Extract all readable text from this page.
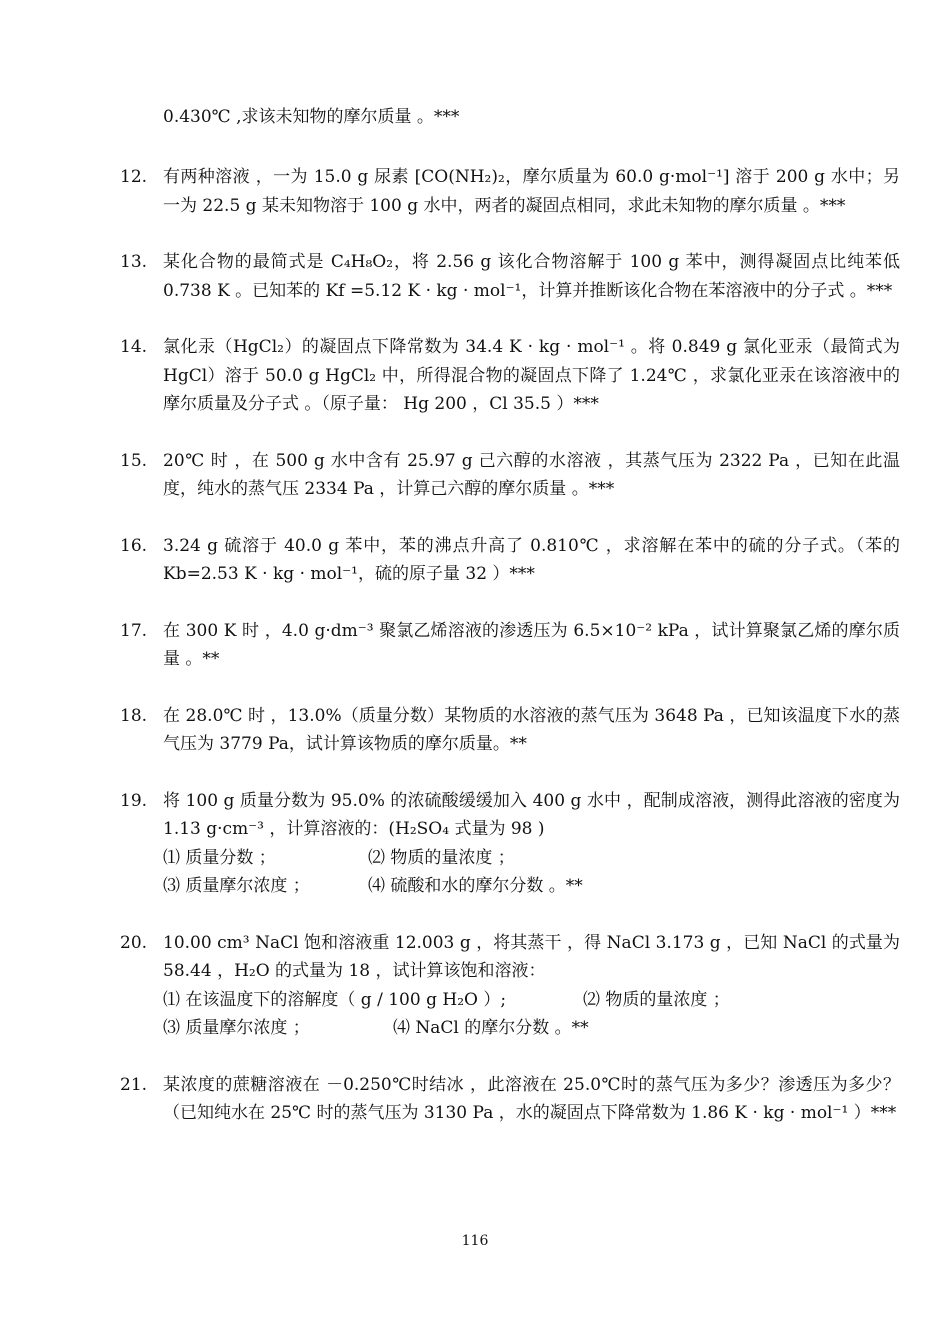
0.430℃ ,求该未知物的摩尔质量 。***
12. 有两种溶液 ，一为 15.0 g 尿素 [CO(NH₂)₂，摩尔质量为 60.0 g·mol⁻¹] 溶于 200 g 水中；另一为 22.5 g 某未知物溶于 100 g 水中，两者的凝固点相同，求此未知物的摩尔质量 。***
13. 某化合物的最简式是 C₄H₈O₂，将 2.56 g 该化合物溶解于 100 g 苯中，测得凝固点比纯苯低 0.738 K 。已知苯的 Kf =5.12 K · kg · mol⁻¹，计算并推断该化合物在苯溶液中的分子式 。***
14. 氯化汞（HgCl₂）的凝固点下降常数为 34.4 K · kg · mol⁻¹ 。将 0.849 g 氯化亚汞（最简式为 HgCl）溶于 50.0 g HgCl₂ 中，所得混合物的凝固点下降了 1.24℃ ，求氯化亚汞在该溶液中的摩尔质量及分子式 。（原子量： Hg 200 ，Cl 35.5 ）***
15. 20℃ 时 ，在 500 g 水中含有 25.97 g 己六醇的水溶液 ，其蒸气压为 2322 Pa ，已知在此温度，纯水的蒸气压 2334 Pa ，计算己六醇的摩尔质量 。***
16. 3.24 g 硫溶于 40.0 g 苯中，苯的沸点升高了 0.810℃ ，求溶解在苯中的硫的分子式。（苯的 Kb=2.53 K · kg · mol⁻¹，硫的原子量 32 ）***
17. 在 300 K 时 ，4.0 g·dm⁻³ 聚氯乙烯溶液的渗透压为 6.5×10⁻² kPa ，试计算聚氯乙烯的摩尔质量 。**
18. 在 28.0℃ 时 ，13.0%（质量分数）某物质的水溶液的蒸气压为 3648 Pa ，已知该温度下水的蒸气压为 3779 Pa，试计算该物质的摩尔质量。**
19. 将 100 g 质量分数为 95.0% 的浓硫酸缓缓加入 400 g 水中 ，配制成溶液，测得此溶液的密度为 1.13 g·cm⁻³ ，计算溶液的：(H₂SO₄ 式量为 98 )
⑴ 质量分数 ；	⑵ 物质的量浓度 ；
⑶ 质量摩尔浓度 ；	⑷ 硫酸和水的摩尔分数 。**
20. 10.00 cm³ NaCl 饱和溶液重 12.003 g ，将其蒸干 ，得 NaCl 3.173 g ，已知 NaCl 的式量为 58.44 ，H₂O 的式量为 18 ，试计算该饱和溶液：
⑴ 在该温度下的溶解度（ g / 100 g H₂O ）;	⑵ 物质的量浓度 ；
⑶ 质量摩尔浓度 ；	⑷ NaCl 的摩尔分数 。**
21. 某浓度的蔗糖溶液在 －0.250℃时结冰 ，此溶液在 25.0℃时的蒸气压为多少？渗透压为多少？（已知纯水在 25℃ 时的蒸气压为 3130 Pa ，水的凝固点下降常数为 1.86 K · kg · mol⁻¹ ）***
116
